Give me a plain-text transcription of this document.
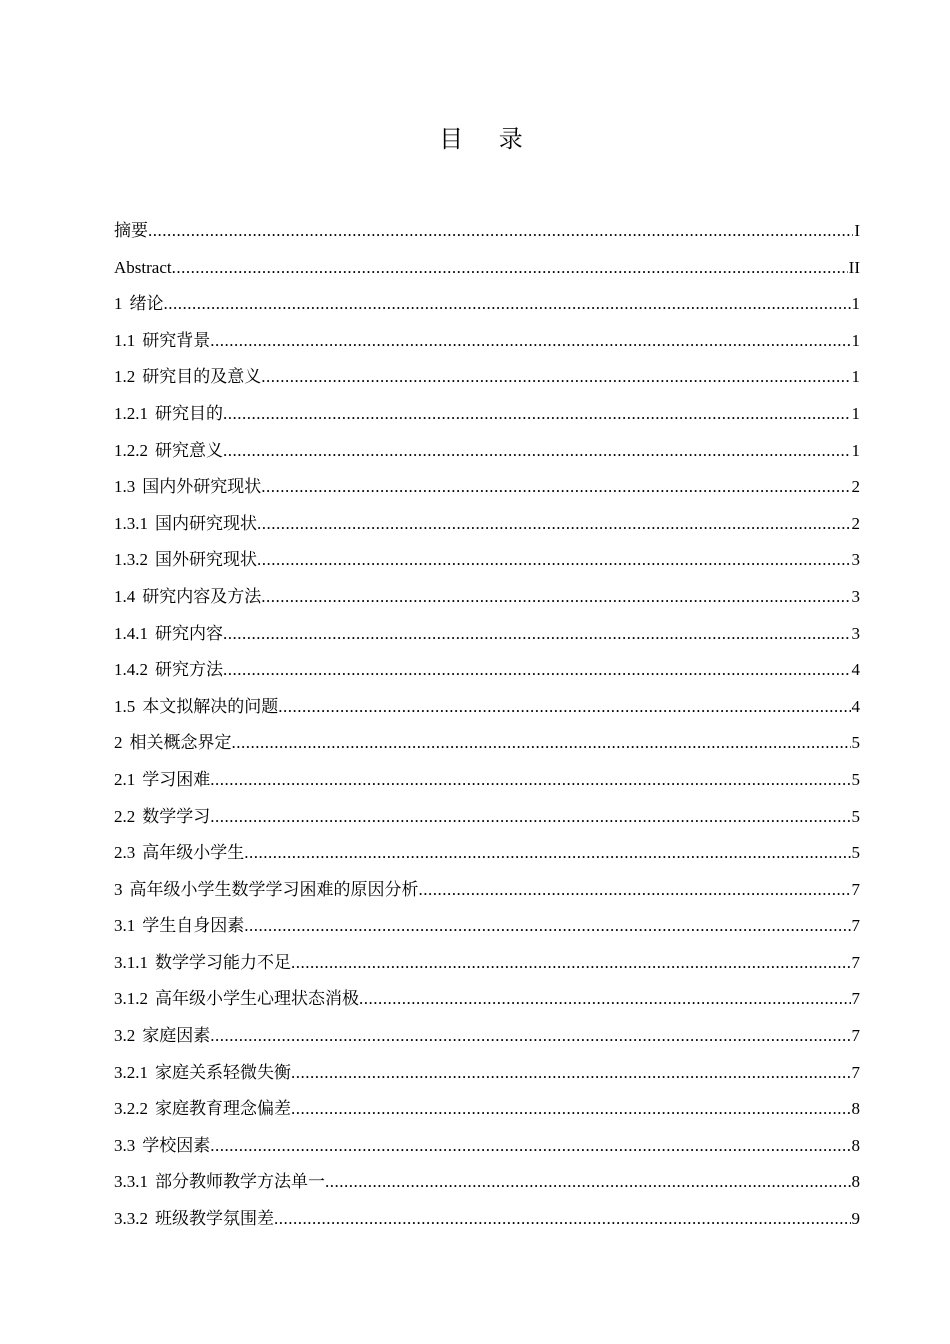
目 录
摘要 .....	I
Abstract .....	II
1 绪论 .....	1
1.1 研究背景 .....	1
1.2 研究目的及意义 .....	1
1.2.1 研究目的 .....	1
1.2.2 研究意义 .....	1
1.3 国内外研究现状 .....	2
1.3.1 国内研究现状 .....	2
1.3.2 国外研究现状 .....	3
1.4 研究内容及方法 .....	3
1.4.1 研究内容 .....	3
1.4.2 研究方法 .....	4
1.5 本文拟解决的问题 .....	4
2 相关概念界定 .....	5
2.1 学习困难 .....	5
2.2 数学学习 .....	5
2.3 高年级小学生 .....	5
3 高年级小学生数学学习困难的原因分析 .....	7
3.1 学生自身因素 .....	7
3.1.1 数学学习能力不足 .....	7
3.1.2 高年级小学生心理状态消极 .....	7
3.2 家庭因素 .....	7
3.2.1 家庭关系轻微失衡 .....	7
3.2.2 家庭教育理念偏差 .....	8
3.3 学校因素 .....	8
3.3.1 部分教师教学方法单一 .....	8
3.3.2 班级教学氛围差 .....	9
